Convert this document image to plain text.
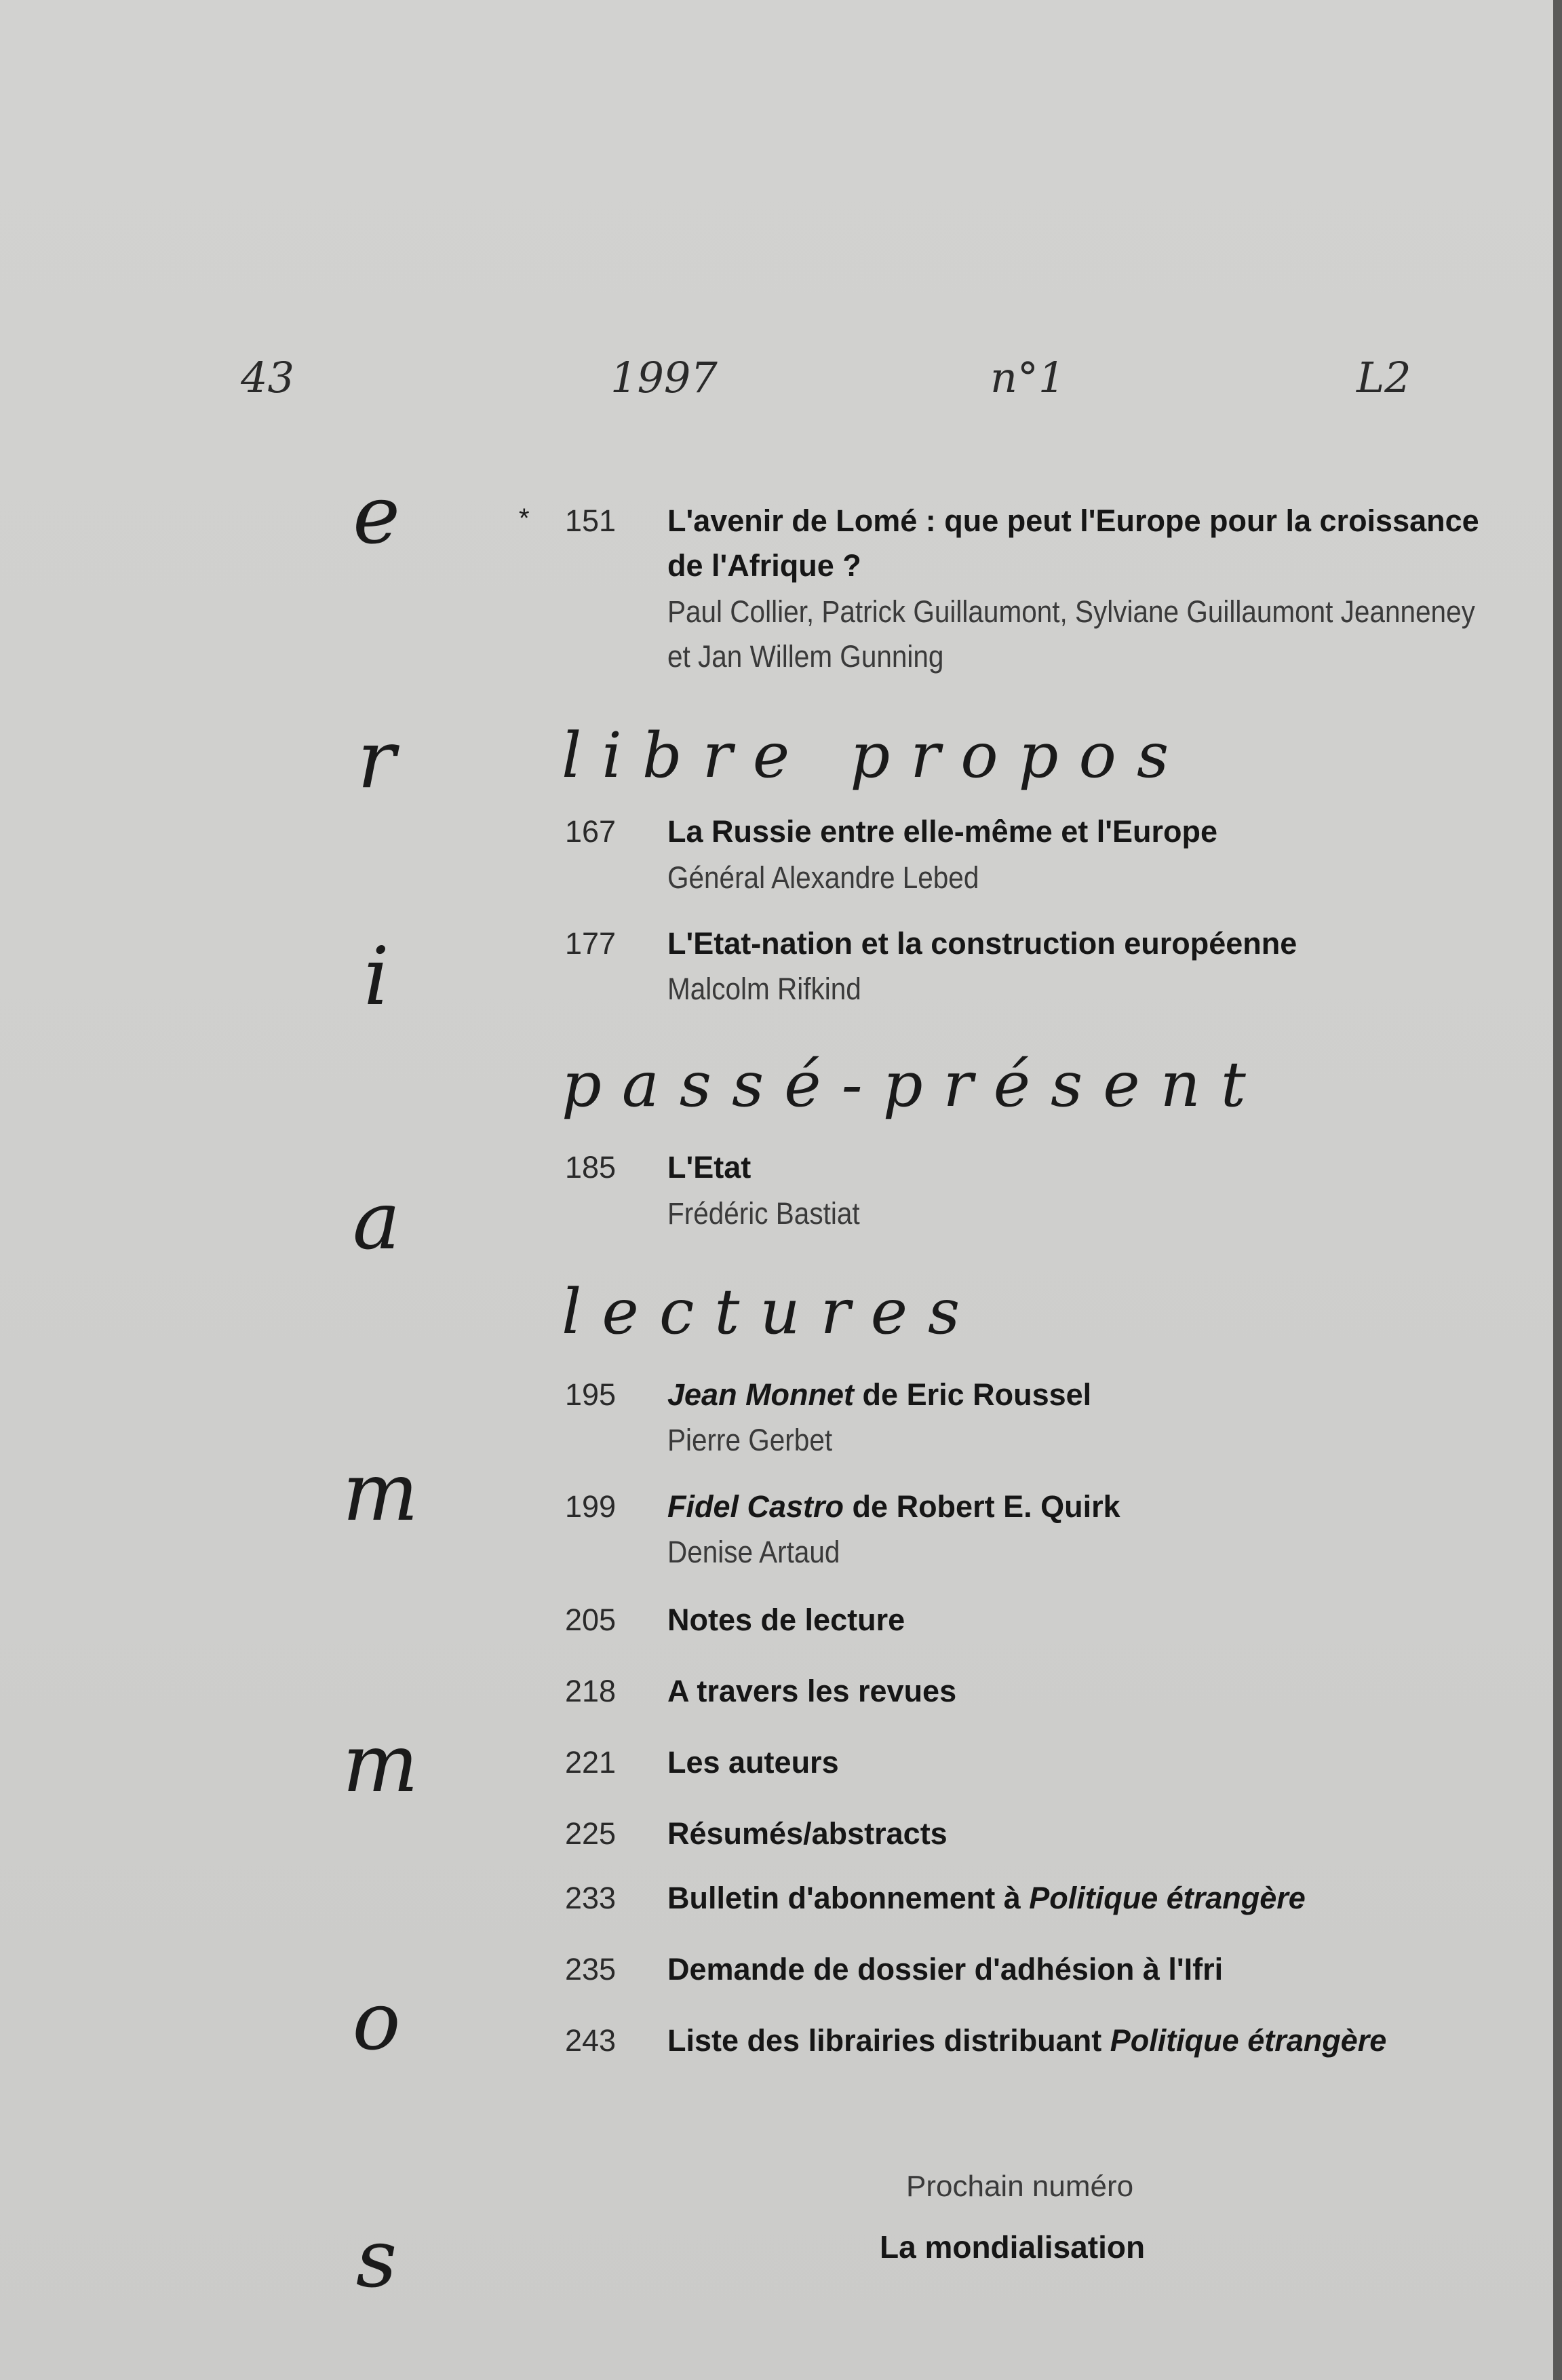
43	1997	n°1	L2
s
o
m
m
a
i
r
e	* 151 L'avenir de Lomé : que peut l'Europe pour la croissance
de l'Afrique ?
Paul Collier, Patrick Guillaumont, Sylviane Guillaumont Jeanneney
et Jan Willem Gunning
libre propos
167 La Russie entre elle-même et l'Europe
Général Alexandre Lebed
177 L'Etat-nation et la construction européenne
Malcolm Rifkind
passé-présent
185 L'Etat
Frédéric Bastiat
lectures
195 Jean Monnet de Eric Roussel
Pierre Gerbet
199 Fidel Castro de Robert E. Quirk
Denise Artaud
205 Notes de lecture
218 A travers les revues
221 Les auteurs
225 Résumés/abstracts
233 Bulletin d'abonnement à Politique étrangère
235 Demande de dossier d'adhésion à l'Ifri
243 Liste des librairies distribuant Politique étrangère
Prochain numéro
La mondialisation
